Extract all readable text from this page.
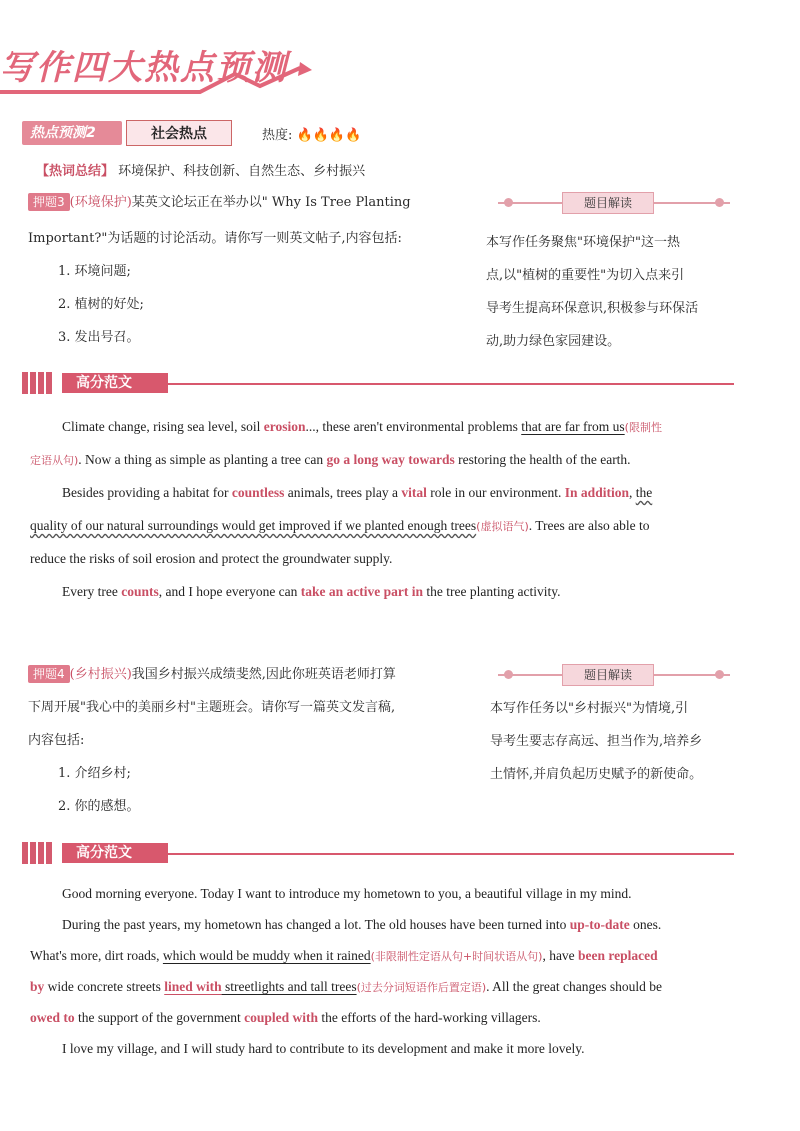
写作四大热点预测
热点预测2	社会热点	热度: 🔥🔥🔥🔥
【热词总结】 环境保护、科技创新、自然生态、乡村振兴
押题3 (环境保护)某英文论坛正在举办以" Why Is Tree Planting
Important?"为话题的讨论活动。请你写一则英文帖子,内容包括:
1. 环境问题;
2. 植树的好处;
3. 发出号召。
题目解读
本写作任务聚焦"环境保护"这一热
点,以"植树的重要性"为切入点来引
导考生提高环保意识,积极参与环保活
动,助力绿色家园建设。
高分范文
Climate change, rising sea level, soil erosion..., these aren't environmental problems that are far from us(限制性
定语从句). Now a thing as simple as planting a tree can go a long way towards restoring the health of the earth.
Besides providing a habitat for countless animals, trees play a vital role in our environment. In addition, the
quality of our natural surroundings would get improved if we planted enough trees(虚拟语气). Trees are also able to
reduce the risks of soil erosion and protect the groundwater supply.
Every tree counts, and I hope everyone can take an active part in the tree planting activity.
押题4 (乡村振兴)我国乡村振兴成绩斐然,因此你班英语老师打算
下周开展"我心中的美丽乡村"主题班会。请你写一篇英文发言稿,
内容包括:
1. 介绍乡村;
2. 你的感想。
题目解读
本写作任务以"乡村振兴"为情境,引
导考生要志存高远、担当作为,培养乡
土情怀,并肩负起历史赋予的新使命。
高分范文
Good morning everyone. Today I want to introduce my hometown to you, a beautiful village in my mind.
During the past years, my hometown has changed a lot. The old houses have been turned into up-to-date ones.
What's more, dirt roads, which would be muddy when it rained(非限制性定语从句+时间状语从句), have been replaced
by wide concrete streets lined with streetlights and tall trees(过去分词短语作后置定语). All the great changes should be
owed to the support of the government coupled with the efforts of the hard-working villagers.
I love my village, and I will study hard to contribute to its development and make it more lovely.
